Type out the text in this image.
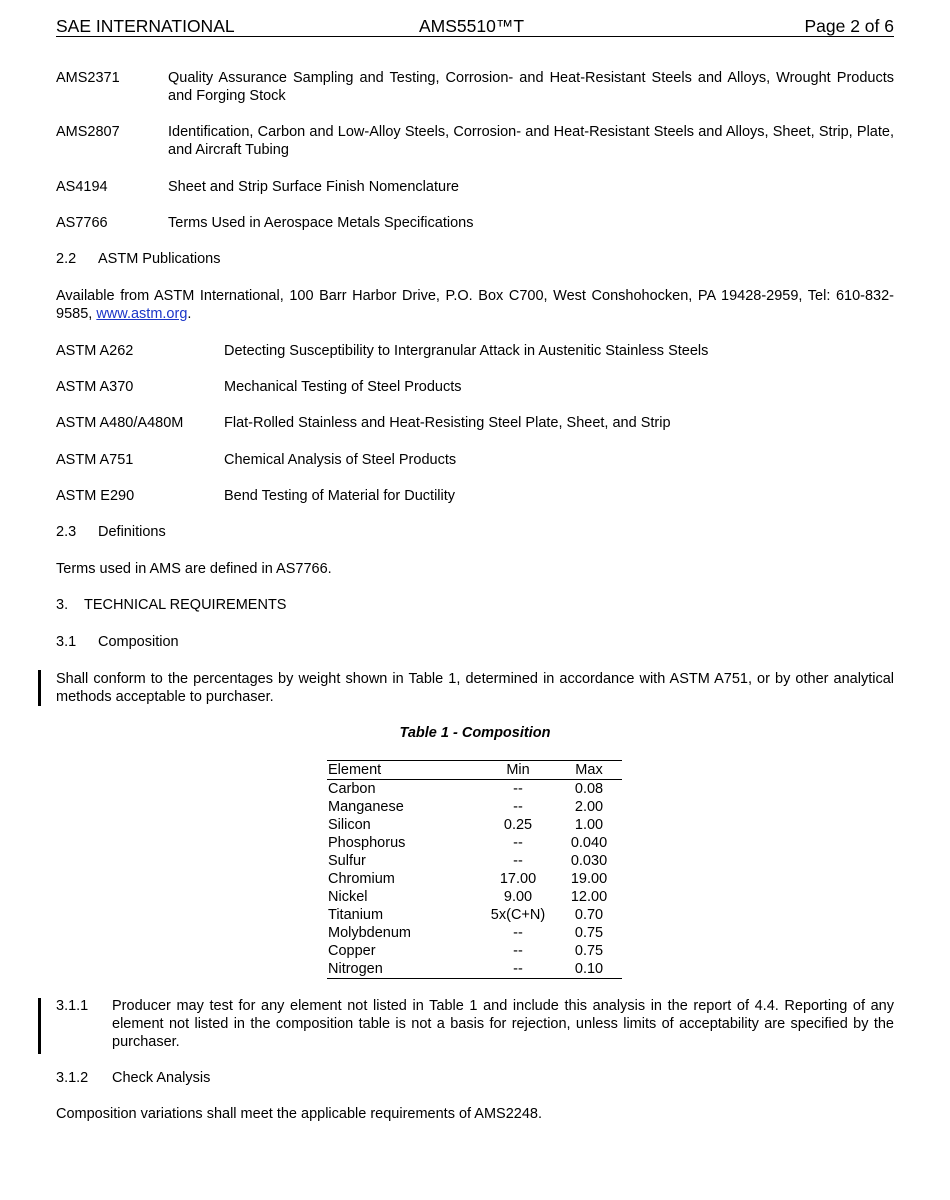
SAE INTERNATIONAL	AMS5510™T	Page 2 of 6
AMS2371	Quality Assurance Sampling and Testing, Corrosion- and Heat-Resistant Steels and Alloys, Wrought Products and Forging Stock
AMS2807	Identification, Carbon and Low-Alloy Steels, Corrosion- and Heat-Resistant Steels and Alloys, Sheet, Strip, Plate, and Aircraft Tubing
AS4194	Sheet and Strip Surface Finish Nomenclature
AS7766	Terms Used in Aerospace Metals Specifications
2.2 ASTM Publications
Available from ASTM International, 100 Barr Harbor Drive, P.O. Box C700, West Conshohocken, PA 19428-2959, Tel: 610-832-9585, www.astm.org.
ASTM A262	Detecting Susceptibility to Intergranular Attack in Austenitic Stainless Steels
ASTM A370	Mechanical Testing of Steel Products
ASTM A480/A480M	Flat-Rolled Stainless and Heat-Resisting Steel Plate, Sheet, and Strip
ASTM A751	Chemical Analysis of Steel Products
ASTM E290	Bend Testing of Material for Ductility
2.3 Definitions
Terms used in AMS are defined in AS7766.
3. TECHNICAL REQUIREMENTS
3.1 Composition
Shall conform to the percentages by weight shown in Table 1, determined in accordance with ASTM A751, or by other analytical methods acceptable to purchaser.
Table 1 - Composition
Element	Min	Max
Carbon	--	0.08
Manganese	--	2.00
Silicon	0.25	1.00
Phosphorus	--	0.040
Sulfur	--	0.030
Chromium	17.00	19.00
Nickel	9.00	12.00
Titanium	5x(C+N)	0.70
Molybdenum	--	0.75
Copper	--	0.75
Nitrogen	--	0.10
3.1.1 Producer may test for any element not listed in Table 1 and include this analysis in the report of 4.4. Reporting of any element not listed in the composition table is not a basis for rejection, unless limits of acceptability are specified by the purchaser.
3.1.2 Check Analysis
Composition variations shall meet the applicable requirements of AMS2248.
